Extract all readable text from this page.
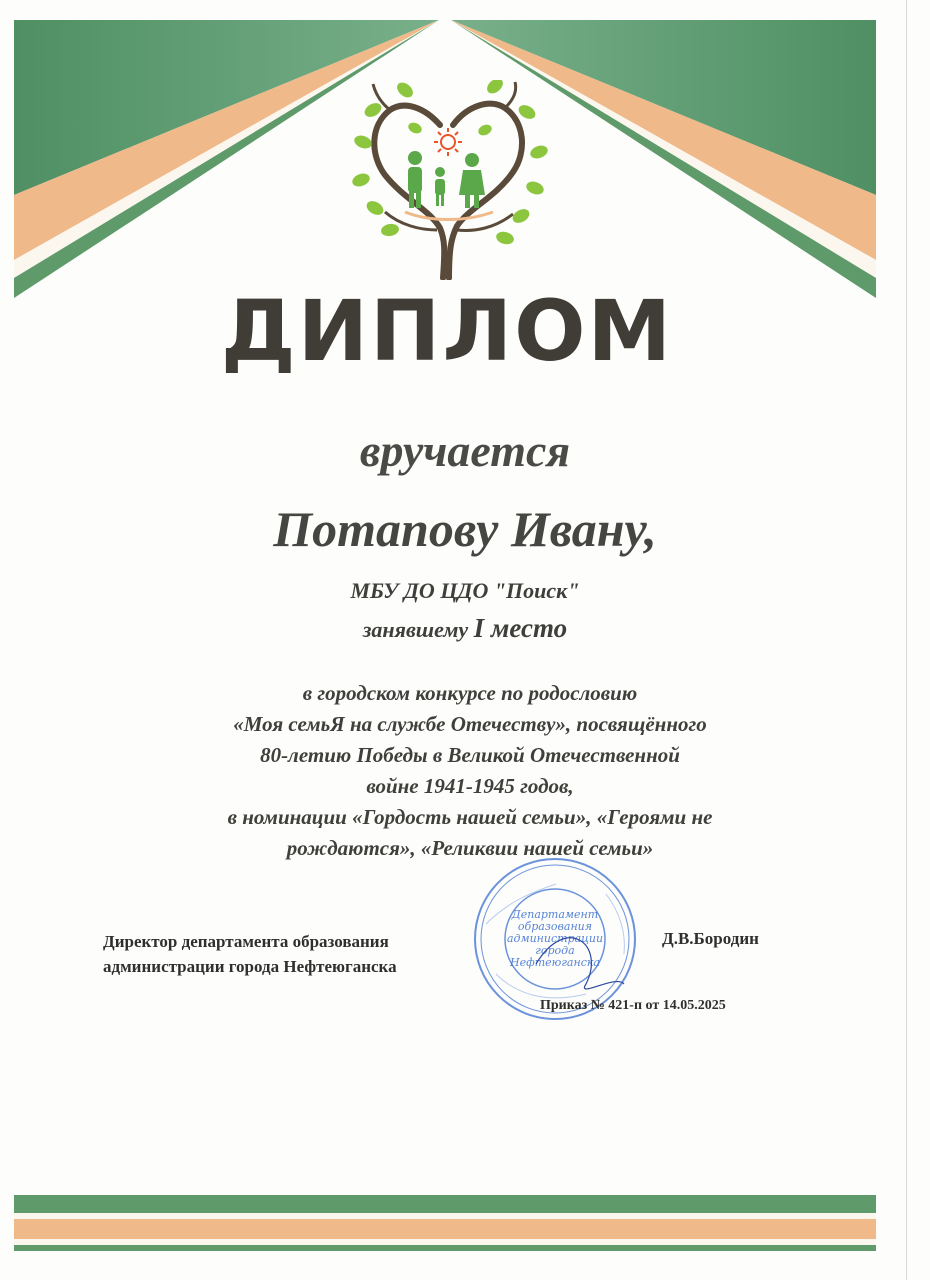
ДИПЛОМ
вручается
Потапову Ивану,
МБУ ДО ЦДО "Поиск"
занявшему I место
в городском конкурсе по родословию
«Моя семьЯ на службе Отечеству», посвящённого
80-летию Победы в Великой Отечественной
войне 1941-1945 годов,
в номинации «Гордость нашей семьи», «Героями не
рождаются», «Реликвии нашей семьи»
Департамент
образования
администрации
города
Нефтеюганска
Директор департамента образования
администрации города Нефтеюганска
Д.В.Бородин
Приказ № 421-п от 14.05.2025
